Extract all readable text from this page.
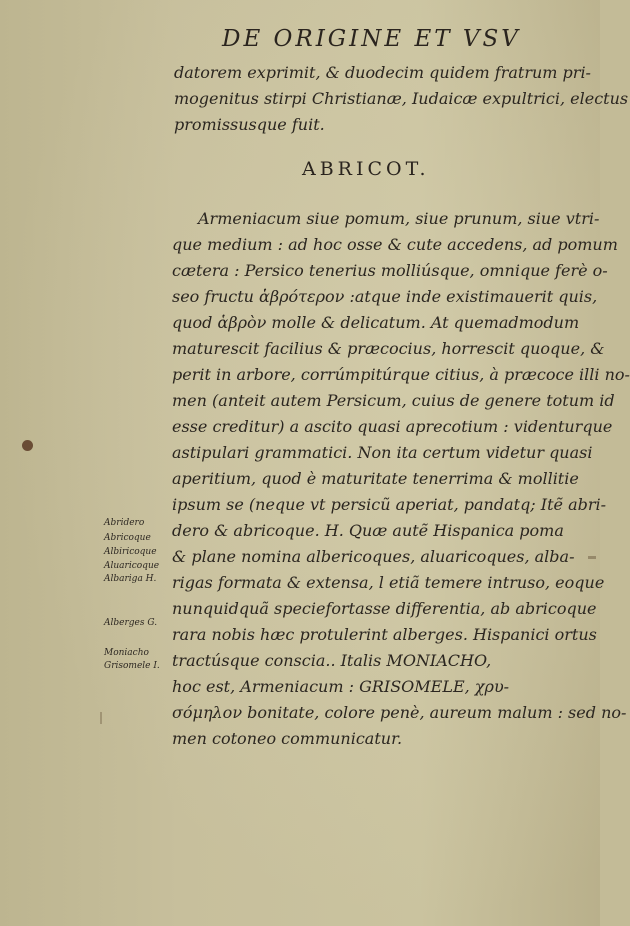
DE ORIGINE ET VSV
datorem exprimit, & duodecim quidem fratrum pri-
mogenitus stirpi Christianæ, Iudaicæ expultrici, electus
promissusque fuit.
ABRICOT.
Armeniacum siue pomum, siue prunum, siue vtri-
que medium : ad hoc osse & cute accedens, ad pomum
cætera : Persico tenerius molliúsque, omnique ferè o-
seo fructu ἁβρότερον :atque inde existimauerit quis,
quod ἁβρὸν molle & delicatum. At quemadmodum
maturescit facilius & præcocius, horrescit quoque, &
perit in arbore, corrúmpitúrque citius, à præcoce illi no-
men (anteit autem Persicum, cuius de genere totum id
esse creditur) a ascito quasi aprecotium : videnturque
astipulari grammatici. Non ita certum videtur quasi
aperitium, quod è maturitate tenerrima & mollitie
ipsum se (neque vt persicũ aperiat, pandatq; Itẽ abri-
dero & abricoque. H. Quæ autẽ Hispanica poma
& plane nomina albericoques, aluaricoques, alba-
rigas formata & extensa, l etiã temere intruso, eoque
nunquidquã speciefortasse differentia, ab abricoque
rara nobis hæc protulerint alberges. Hispanici ortus
tractúsque conscia.. Italis MONIACHO,
hoc est, Armeniacum : GRISOMELE, χρυ-
σόμηλον bonitate, colore penè, aureum malum : sed no-
men cotoneo communicatur.
Abridero
Abricoque
Albiricoque
Aluaricoque
Albariga H.
Alberges G.
Moniacho
Grisomele I.
